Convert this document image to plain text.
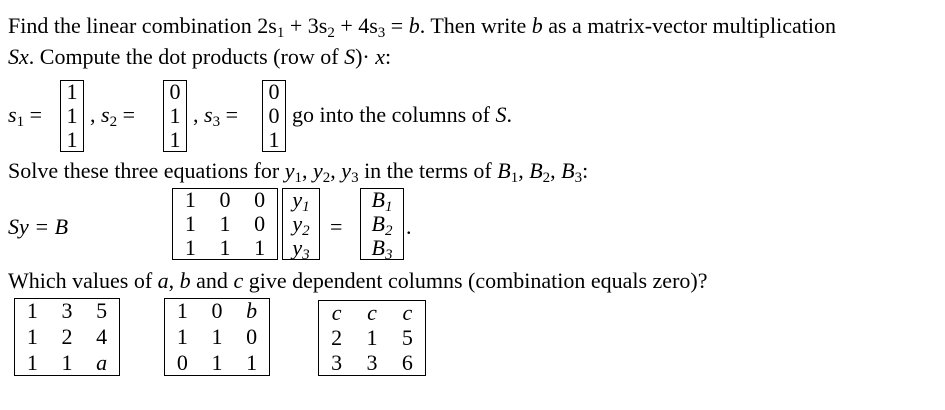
Find the linear combination $2s_1 + 3s_2 + 4s_3 = b$. Then write b as a matrix-vector multiplication
Sx. Compute the dot products (row of S)· x:
$s_1$ =
1
1
1
, $s_2$ =
0
1
1
, $s_3$ =
0
0
1
go into the columns of S.
Solve these three equations for $y_1$, $y_2$, $y_3$ in the terms of $B_1$, $B_2$, $B_3$:
Sy = B
1 0 0
1 1 0
1 1 1
$y_1$
$y_2$
$y_3$
=
$B_1$
$B_2$
$B_3$
.
Which values of a, b and c give dependent columns (combination equals zero)?
1 3 5
1 2 4
1 1 a
1 0 b
1 1 0
0 1 1
c c c
2 1 5
3 3 6
